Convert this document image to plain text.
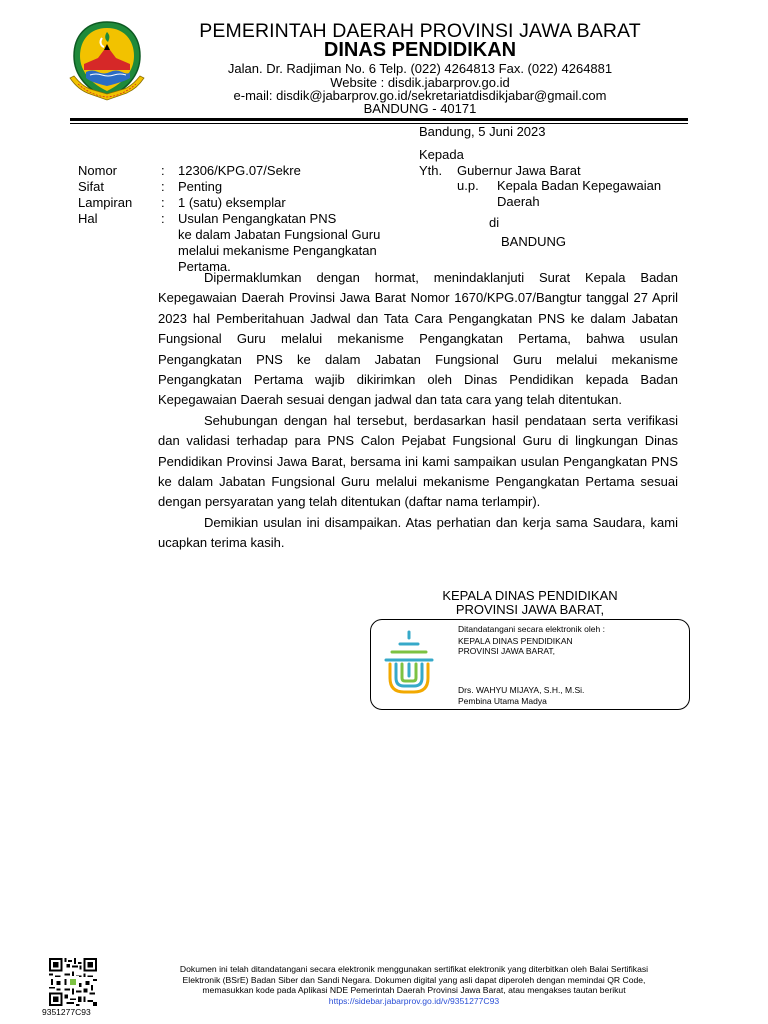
PEMERINTAH DAERAH PROVINSI JAWA BARAT
DINAS PENDIDIKAN
Jalan. Dr. Radjiman No. 6 Telp. (022) 4264813 Fax. (022) 4264881
Website : disdik.jabarprov.go.id
e-mail: disdik@jabarprov.go.id/sekretariatdisdikjabar@gmail.com
BANDUNG - 40171
Bandung, 5 Juni 2023
Kepada
Yth. Gubernur Jawa Barat
u.p. Kepala Badan Kepegawaian
Daerah
di
BANDUNG
Nomor	: 12306/KPG.07/Sekre
Sifat	: Penting
Lampiran : 1 (satu) eksemplar
Hal	: Usulan Pengangkatan PNS
ke dalam Jabatan Fungsional Guru
melalui mekanisme Pengangkatan
Pertama.

Dipermaklumkan dengan hormat, menindaklanjuti Surat Kepala Badan Kepegawaian Daerah Provinsi Jawa Barat Nomor 1670/KPG.07/Bangtur tanggal 27 April 2023 hal Pemberitahuan Jadwal dan Tata Cara Pengangkatan PNS ke dalam Jabatan Fungsional Guru melalui mekanisme Pengangkatan Pertama, bahwa usulan Pengangkatan PNS ke dalam Jabatan Fungsional Guru melalui mekanisme Pengangkatan Pertama wajib dikirimkan oleh Dinas Pendidikan kepada Badan Kepegawaian Daerah sesuai dengan jadwal dan tata cara yang telah ditentukan.

Sehubungan dengan hal tersebut, berdasarkan hasil pendataan serta verifikasi dan validasi terhadap para PNS Calon Pejabat Fungsional Guru di lingkungan Dinas Pendidikan Provinsi Jawa Barat, bersama ini kami sampaikan usulan Pengangkatan PNS ke dalam Jabatan Fungsional Guru melalui mekanisme Pengangkatan Pertama sesuai dengan persyaratan yang telah ditentukan (daftar nama terlampir).

Demikian usulan ini disampaikan. Atas perhatian dan kerja sama Saudara, kami ucapkan terima kasih.

KEPALA DINAS PENDIDIKAN
PROVINSI JAWA BARAT,
Ditandatangani secara elektronik oleh :
KEPALA DINAS PENDIDIKAN
PROVINSI JAWA BARAT,
Drs. WAHYU MIJAYA, S.H., M.Si.
Pembina Utama Madya
9351277C93
Dokumen ini telah ditandatangani secara elektronik menggunakan sertifikat elektronik yang diterbitkan oleh Balai Sertifikasi
Elektronik (BSrE) Badan Siber dan Sandi Negara. Dokumen digital yang asli dapat diperoleh dengan memindai QR Code,
memasukkan kode pada Aplikasi NDE Pemerintah Daerah Provinsi Jawa Barat, atau mengakses tautan berikut
https://sidebar.jabarprov.go.id/v/9351277C93
